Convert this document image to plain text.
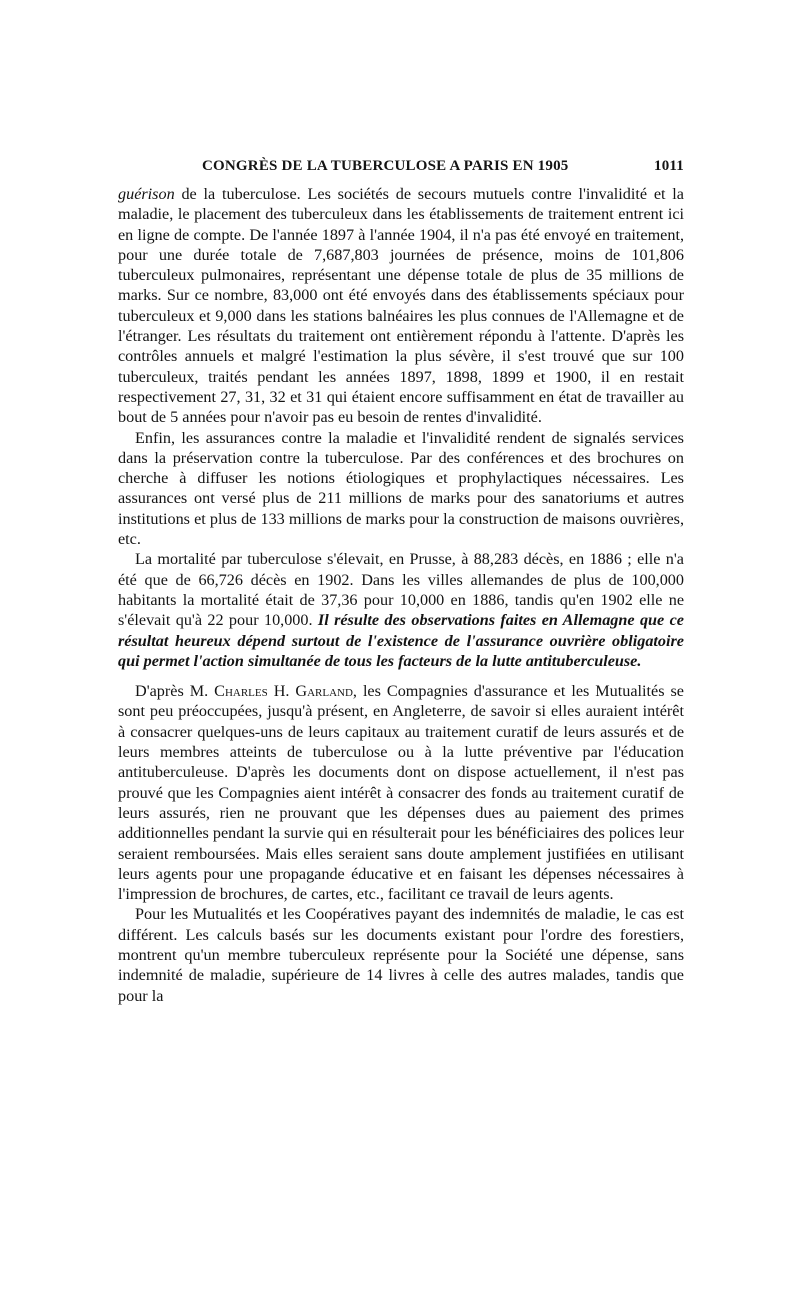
CONGRÈS DE LA TUBERCULOSE A PARIS EN 1905	1011

guérison de la tuberculose. Les sociétés de secours mutuels contre l'invalidité et la maladie, le placement des tuberculeux dans les établissements de traitement entrent ici en ligne de compte. De l'année 1897 à l'année 1904, il n'a pas été envoyé en traitement, pour une durée totale de 7,687,803 journées de présence, moins de 101,806 tuberculeux pulmonaires, représentant une dépense totale de plus de 35 millions de marks. Sur ce nombre, 83,000 ont été envoyés dans des établissements spéciaux pour tuberculeux et 9,000 dans les stations balnéaires les plus connues de l'Allemagne et de l'étranger. Les résultats du traitement ont entièrement répondu à l'attente. D'après les contrôles annuels et malgré l'estimation la plus sévère, il s'est trouvé que sur 100 tuberculeux, traités pendant les années 1897, 1898, 1899 et 1900, il en restait respectivement 27, 31, 32 et 31 qui étaient encore suffisamment en état de travailler au bout de 5 années pour n'avoir pas eu besoin de rentes d'invalidité.

Enfin, les assurances contre la maladie et l'invalidité rendent de signalés services dans la préservation contre la tuberculose. Par des conférences et des brochures on cherche à diffuser les notions étiologiques et prophylactiques nécessaires. Les assurances ont versé plus de 211 millions de marks pour des sanatoriums et autres institutions et plus de 133 millions de marks pour la construction de maisons ouvrières, etc.

La mortalité par tuberculose s'élevait, en Prusse, à 88,283 décès, en 1886 ; elle n'a été que de 66,726 décès en 1902. Dans les villes allemandes de plus de 100,000 habitants la mortalité était de 37,36 pour 10,000 en 1886, tandis qu'en 1902 elle ne s'élevait qu'à 22 pour 10,000. Il résulte des observations faites en Allemagne que ce résultat heureux dépend surtout de l'existence de l'assurance ouvrière obligatoire qui permet l'action simultanée de tous les facteurs de la lutte antituberculeuse.

D'après M. Charles H. Garland, les Compagnies d'assurance et les Mutualités se sont peu préoccupées, jusqu'à présent, en Angleterre, de savoir si elles auraient intérêt à consacrer quelques-uns de leurs capitaux au traitement curatif de leurs assurés et de leurs membres atteints de tuberculose ou à la lutte préventive par l'éducation antituberculeuse. D'après les documents dont on dispose actuellement, il n'est pas prouvé que les Compagnies aient intérêt à consacrer des fonds au traitement curatif de leurs assurés, rien ne prouvant que les dépenses dues au paiement des primes additionnelles pendant la survie qui en résulterait pour les bénéficiaires des polices leur seraient remboursées. Mais elles seraient sans doute amplement justifiées en utilisant leurs agents pour une propagande éducative et en faisant les dépenses nécessaires à l'impression de brochures, de cartes, etc., facilitant ce travail de leurs agents.

Pour les Mutualités et les Coopératives payant des indemnités de maladie, le cas est différent. Les calculs basés sur les documents existant pour l'ordre des forestiers, montrent qu'un membre tuberculeux représente pour la Société une dépense, sans indemnité de maladie, supérieure de 14 livres à celle des autres malades, tandis que pour la
